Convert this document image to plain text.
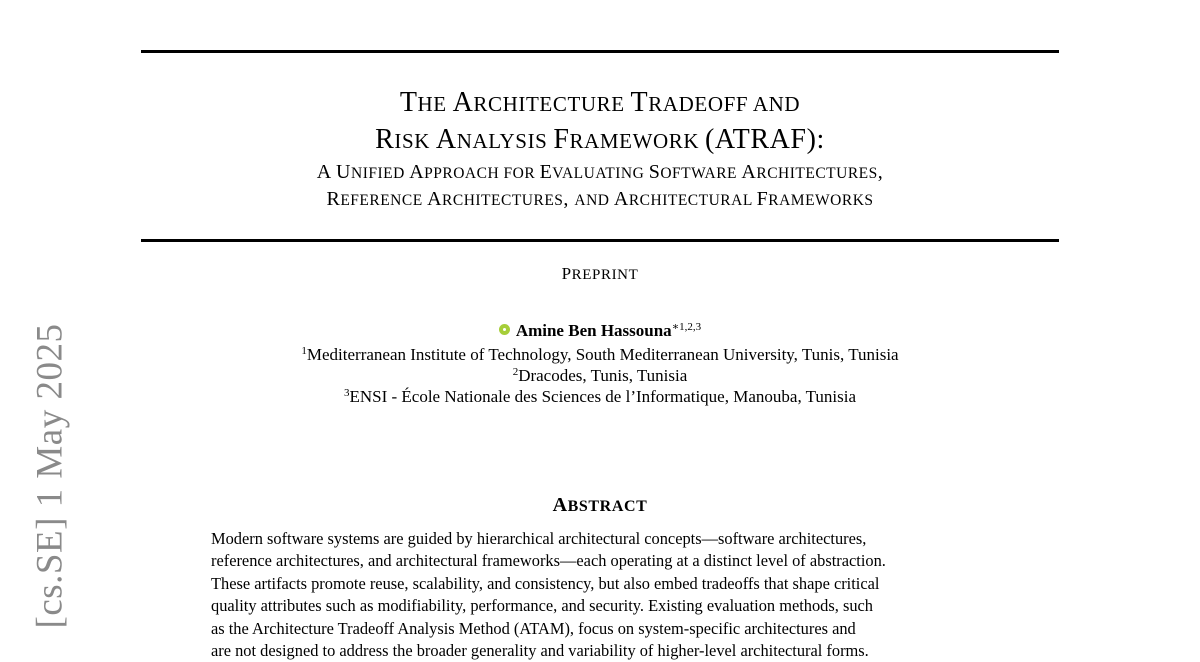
[cs.SE] 1 May 2025
THE ARCHITECTURE TRADEOFF AND
RISK ANALYSIS FRAMEWORK (ATRAF):
A UNIFIED APPROACH FOR EVALUATING SOFTWARE ARCHITECTURES,
REFERENCE ARCHITECTURES, AND ARCHITECTURAL FRAMEWORKS
PREPRINT
Amine Ben Hassouna$^{∗1,2,3}$
$^1$Mediterranean Institute of Technology, South Mediterranean University, Tunis, Tunisia
$^2$Dracodes, Tunis, Tunisia
$^3$ENSI - École Nationale des Sciences de l’Informatique, Manouba, Tunisia
ABSTRACT
Modern software systems are guided by hierarchical architectural concepts—software architectures,
reference architectures, and architectural frameworks—each operating at a distinct level of abstraction.
These artifacts promote reuse, scalability, and consistency, but also embed tradeoffs that shape critical
quality attributes such as modifiability, performance, and security. Existing evaluation methods, such
as the Architecture Tradeoff Analysis Method (ATAM), focus on system-specific architectures and
are not designed to address the broader generality and variability of higher-level architectural forms.
